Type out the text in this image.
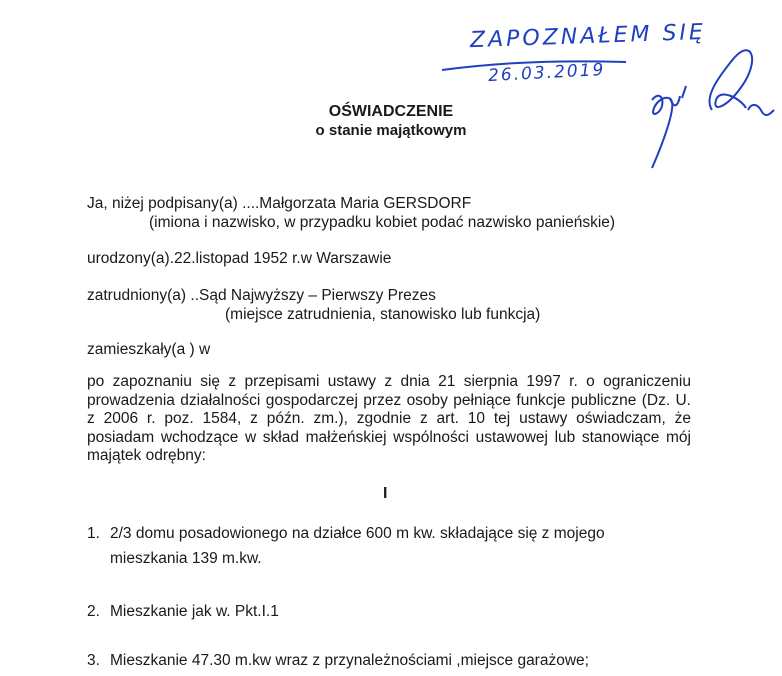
ZAPOZNAŁEM SIĘ
26.03.2019
OŚWIADCZENIE
o stanie majątkowym
Ja, niżej podpisany(a) ....Małgorzata Maria GERSDORF
(imiona i nazwisko, w przypadku kobiet podać nazwisko panieńskie)
urodzony(a).22.listopad 1952 r.w Warszawie
zatrudniony(a) ..Sąd Najwyższy – Pierwszy Prezes
(miejsce zatrudnienia, stanowisko lub funkcja)
zamieszkały(a ) w
po zapoznaniu się z przepisami ustawy z dnia 21 sierpnia 1997 r. o ograniczeniu prowadzenia działalności gospodarczej przez osoby pełniące funkcje publiczne (Dz. U. z 2006 r. poz. 1584, z późn. zm.), zgodnie z art. 10 tej ustawy oświadczam, że posiadam wchodzące w skład małżeńskiej wspólności ustawowej lub stanowiące mój majątek odrębny:
I
1. 2/3 domu posadowionego na działce 600 m kw. składające się z mojego
mieszkania 139 m.kw.
2. Mieszkanie jak w. Pkt.I.1
3. Mieszkanie 47.30 m.kw wraz z przynależnościami ,miejsce garażowe;
